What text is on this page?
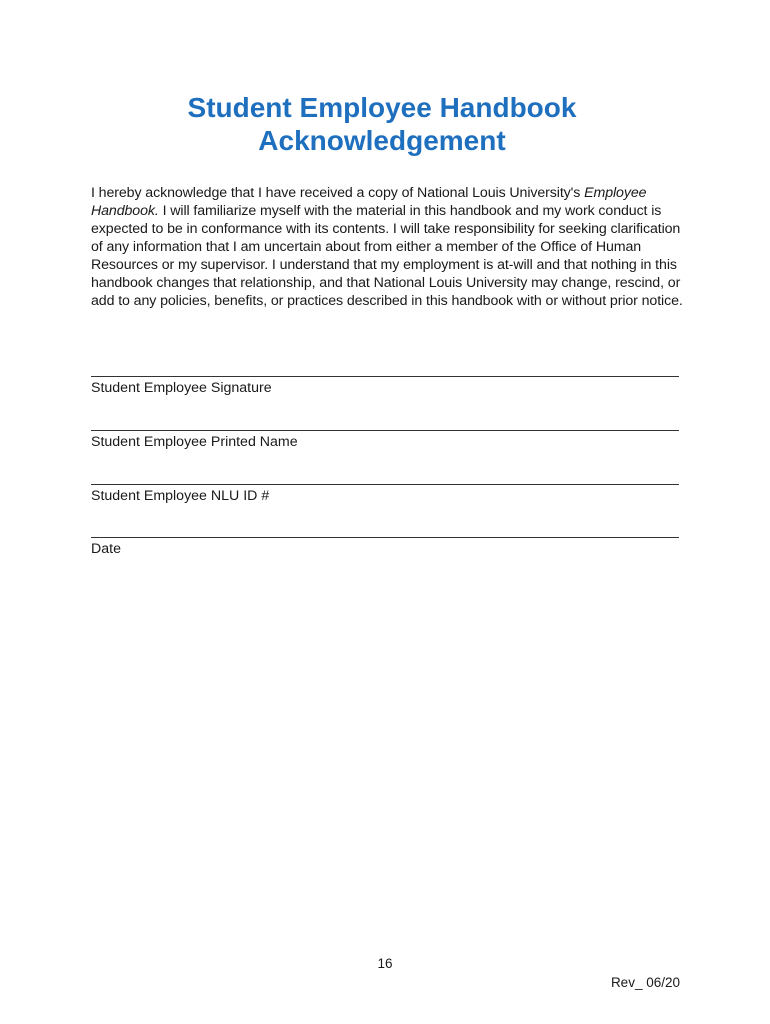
Student Employee Handbook
Acknowledgement

I hereby acknowledge that I have received a copy of National Louis University's Employee Handbook. I will familiarize myself with the material in this handbook and my work conduct is expected to be in conformance with its contents. I will take responsibility for seeking clarification of any information that I am uncertain about from either a member of the Office of Human Resources or my supervisor. I understand that my employment is at-will and that nothing in this handbook changes that relationship, and that National Louis University may change, rescind, or add to any policies, benefits, or practices described in this handbook with or without prior notice.

Student Employee Signature
Student Employee Printed Name
Student Employee NLU ID #
Date
16
Rev_ 06/20
